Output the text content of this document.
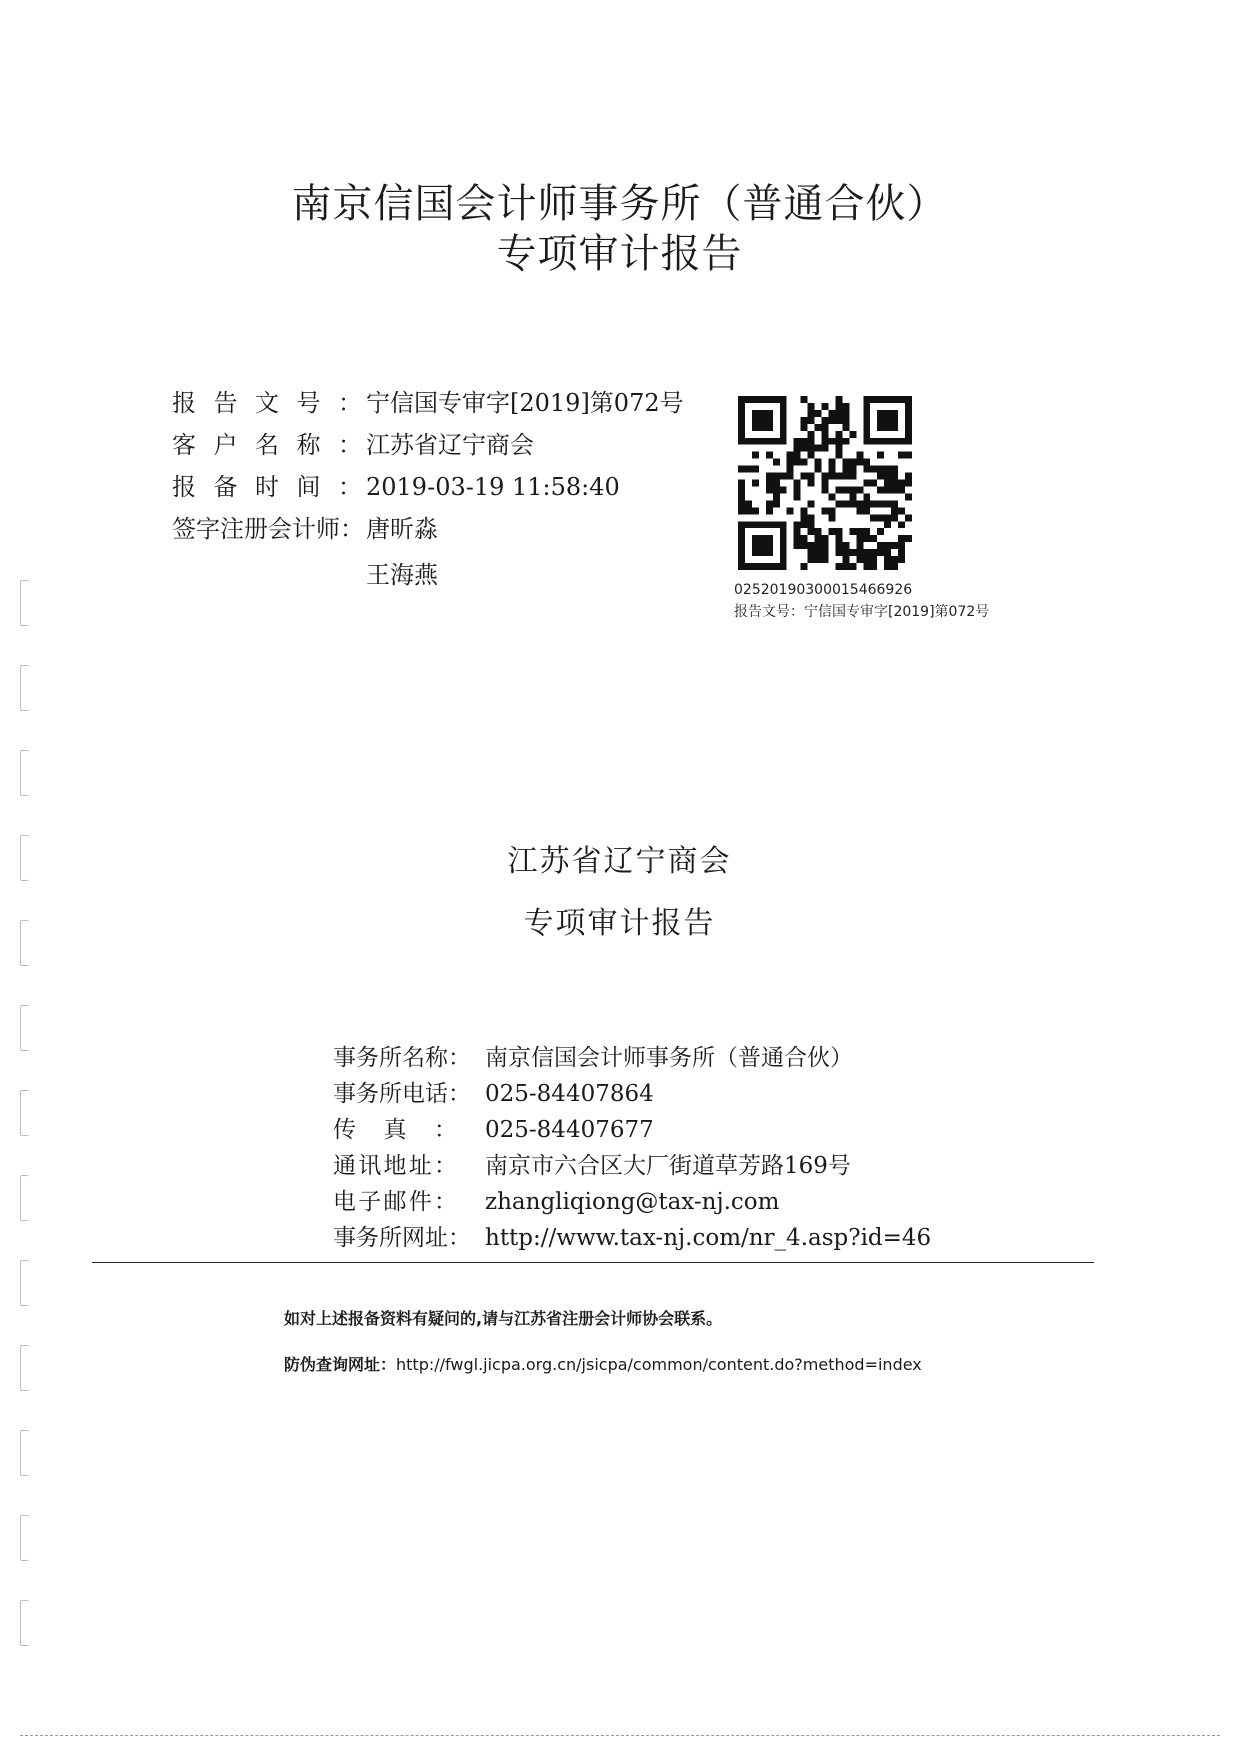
南京信国会计师事务所（普通合伙）
专项审计报告
报告文号： 宁信国专审字[2019]第072号
客户名称： 江苏省辽宁商会
报备时间： 2019-03-19 11:58:40
签字注册会计师：唐昕淼
王海燕
02520190300015466926
报告文号：宁信国专审字[2019]第072号
江苏省辽宁商会
专项审计报告
事务所名称： 南京信国会计师事务所（普通合伙）
事务所电话： 025-84407864
传真： 025-84407677
通讯地址： 南京市六合区大厂街道草芳路169号
电子邮件： zhangliqiong@tax-nj.com
事务所网址： http://www.tax-nj.com/nr_4.asp?id=46
如对上述报备资料有疑问的,请与江苏省注册会计师协会联系。
防伪查询网址：http://fwgl.jicpa.org.cn/jsicpa/common/content.do?method=index
